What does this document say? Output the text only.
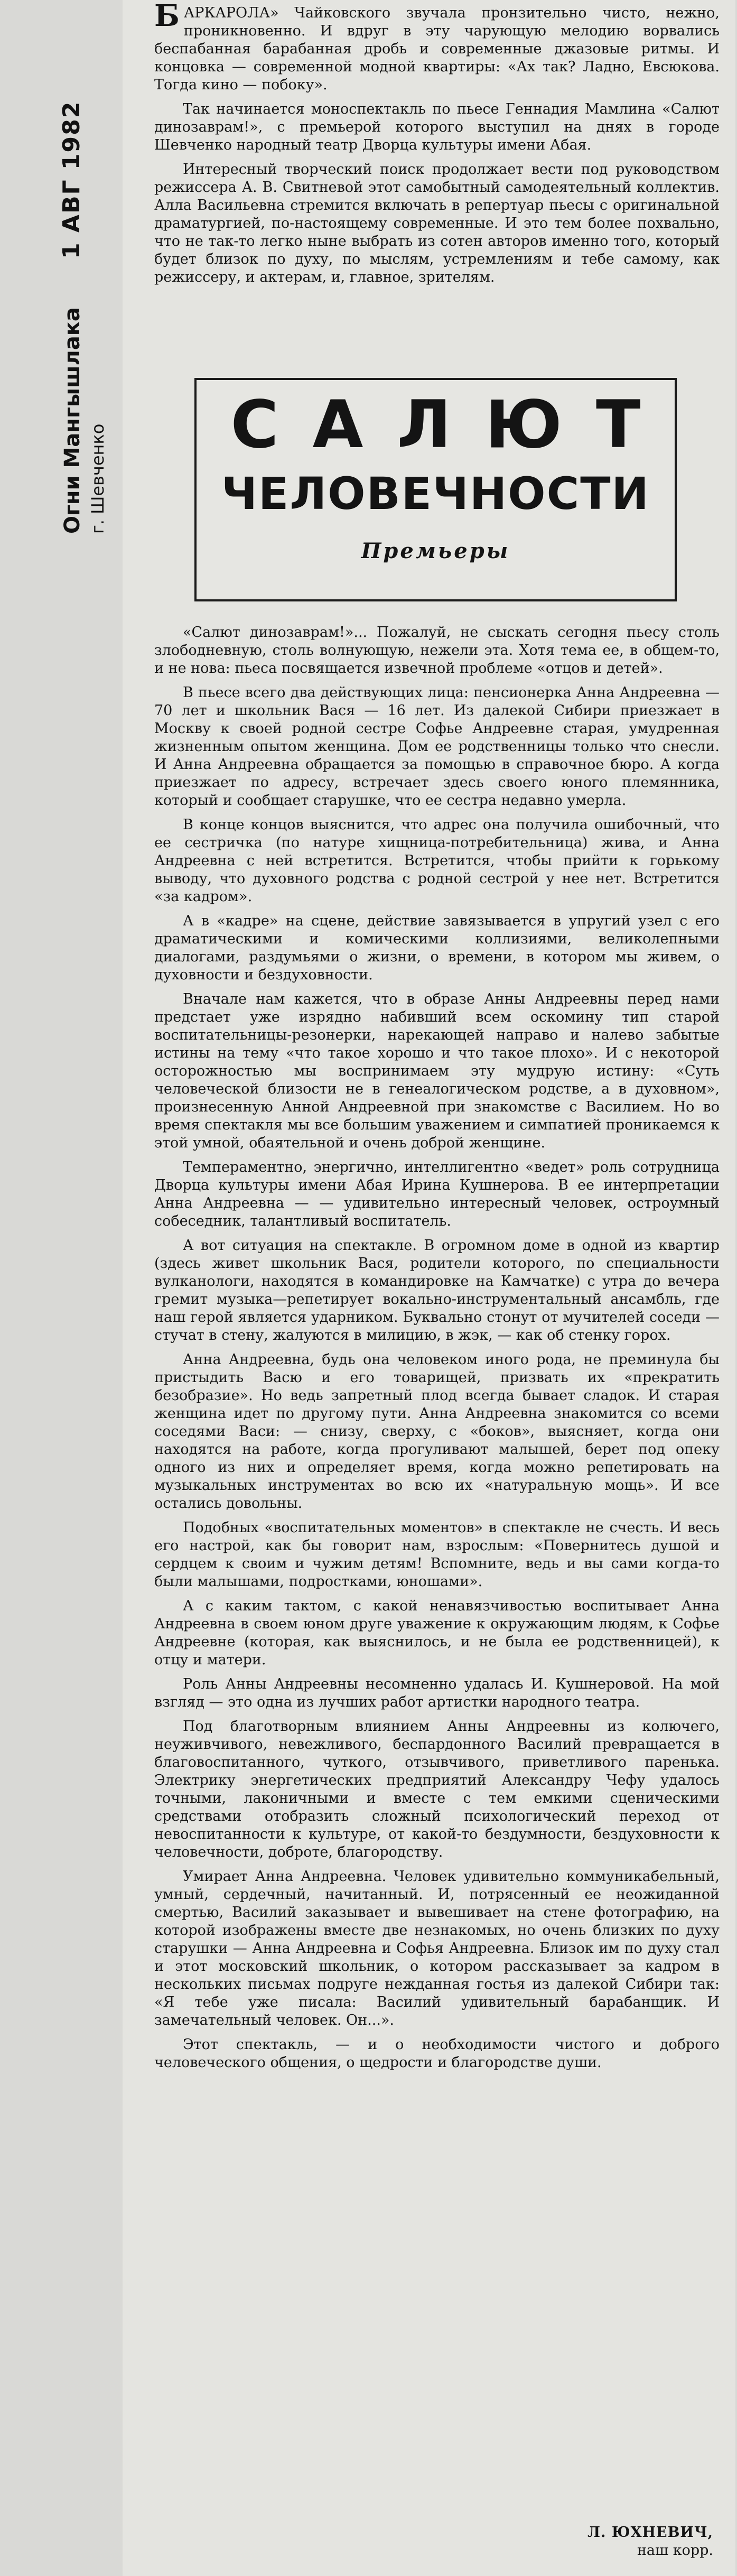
1 АВГ 1982
Огни Мангышлака г. Шевченко

БАРКАРОЛА» Чайковского звучала пронзительно чисто, нежно, проникновенно. И вдруг в эту чарующую мелодию ворвались беспабанная барабанная дробь и современные джазовые ритмы. И концовка — современной модной квартиры: «Ах так? Ладно, Евсюкова. Тогда кино — побоку».

Так начинается моноспектакль по пьесе Геннадия Мамлина «Салют динозаврам!», с премьерой которого выступил на днях в городе Шевченко народный театр Дворца культуры имени Абая.

Интересный творческий поиск продолжает вести под руководством режиссера А. В. Свитневой этот самобытный самодеятельный коллектив. Алла Васильевна стремится включать в репертуар пьесы с оригинальной драматургией, по-настоящему современные. И это тем более похвально, что не так-то легко ныне выбрать из сотен авторов именно того, который будет близок по духу, по мыслям, устремлениям и тебе самому, как режиссеру, и актерам, и, главное, зрителям.

САЛЮТ
ЧЕЛОВЕЧНОСТИ
Премьеры

«Салют динозаврам!»... Пожалуй, не сыскать сегодня пьесу столь злободневную, столь волнующую, нежели эта. Хотя тема ее, в общем-то, и не нова: пьеса посвящается извечной проблеме «отцов и детей».

В пьесе всего два действующих лица: пенсионерка Анна Андреевна — 70 лет и школьник Вася — 16 лет. Из далекой Сибири приезжает в Москву к своей родной сестре Софье Андреевне старая, умудренная жизненным опытом женщина. Дом ее родственницы только что снесли. И Анна Андреевна обращается за помощью в справочное бюро. А когда приезжает по адресу, встречает здесь своего юного племянника, который и сообщает старушке, что ее сестра недавно умерла.

В конце концов выяснится, что адрес она получила ошибочный, что ее сестричка (по натуре хищница-потребительница) жива, и Анна Андреевна с ней встретится. Встретится, чтобы прийти к горькому выводу, что духовного родства с родной сестрой у нее нет. Встретится «за кадром».

А в «кадре» на сцене, действие завязывается в упругий узел с его драматическими и комическими коллизиями, великолепными диалогами, раздумьями о жизни, о времени, в котором мы живем, о духовности и бездуховности.

Вначале нам кажется, что в образе Анны Андреевны перед нами предстает уже изрядно набивший всем оскомину тип старой воспитательницы-резонерки, нарекающей направо и налево забытые истины на тему «что такое хорошо и что такое плохо». И с некоторой осторожностью мы воспринимаем эту мудрую истину: «Суть человеческой близости не в генеалогическом родстве, а в духовном», произнесенную Анной Андреевной при знакомстве с Василием. Но во время спектакля мы все большим уважением и симпатией проникаемся к этой умной, обаятельной и очень доброй женщине.

Темпераментно, энергично, интеллигентно «ведет» роль сотрудница Дворца культуры имени Абая Ирина Кушнерова. В ее интерпретации Анна Андреевна — — удивительно интересный человек, остроумный собеседник, талантливый воспитатель.

А вот ситуация на спектакле. В огромном доме в одной из квартир (здесь живет школьник Вася, родители которого, по специальности вулканологи, находятся в командировке на Камчатке) с утра до вечера гремит музыка—репетирует вокально-инструментальный ансамбль, где наш герой является ударником. Буквально стонут от мучителей соседи — стучат в стену, жалуются в милицию, в жэк, — как об стенку горох.

Анна Андреевна, будь она человеком иного рода, не преминула бы пристыдить Васю и его товарищей, призвать их «прекратить безобразие». Но ведь запретный плод всегда бывает сладок. И старая женщина идет по другому пути. Анна Андреевна знакомится со всеми соседями Васи: — снизу, сверху, с «боков», выясняет, когда они находятся на работе, когда прогуливают малышей, берет под опеку одного из них и определяет время, когда можно репетировать на музыкальных инструментах во всю их «натуральную мощь». И все остались довольны.

Подобных «воспитательных моментов» в спектакле не счесть. И весь его настрой, как бы говорит нам, взрослым: «Повернитесь душой и сердцем к своим и чужим детям! Вспомните, ведь и вы сами когда-то были малышами, подростками, юношами».

А с каким тактом, с какой ненавязчивостью воспитывает Анна Андреевна в своем юном друге уважение к окружающим людям, к Софье Андреевне (которая, как выяснилось, и не была ее родственницей), к отцу и матери.

Роль Анны Андреевны несомненно удалась И. Кушнеровой. На мой взгляд — это одна из лучших работ артистки народного театра.

Под благотворным влиянием Анны Андреевны из колючего, неуживчивого, невежливого, беспардонного Василий превращается в благовоспитанного, чуткого, отзывчивого, приветливого паренька. Электрику энергетических предприятий Александру Чефу удалось точными, лаконичными и вместе с тем емкими сценическими средствами отобразить сложный психологический переход от невоспитанности к культуре, от какой-то бездумности, бездуховности к человечности, доброте, благородству.

Умирает Анна Андреевна. Человек удивительно коммуникабельный, умный, сердечный, начитанный. И, потрясенный ее неожиданной смертью, Василий заказывает и вывешивает на стене фотографию, на которой изображены вместе две незнакомых, но очень близких по духу старушки — Анна Андреевна и Софья Андреевна. Близок им по духу стал и этот московский школьник, о котором рассказывает за кадром в нескольких письмах подруге нежданная гостья из далекой Сибири так: «Я тебе уже писала: Василий удивительный барабанщик. И замечательный человек. Он...».

Этот спектакль, — и о необходимости чистого и доброго человеческого общения, о щедрости и благородстве души.

Л. ЮХНЕВИЧ,
наш корр.
